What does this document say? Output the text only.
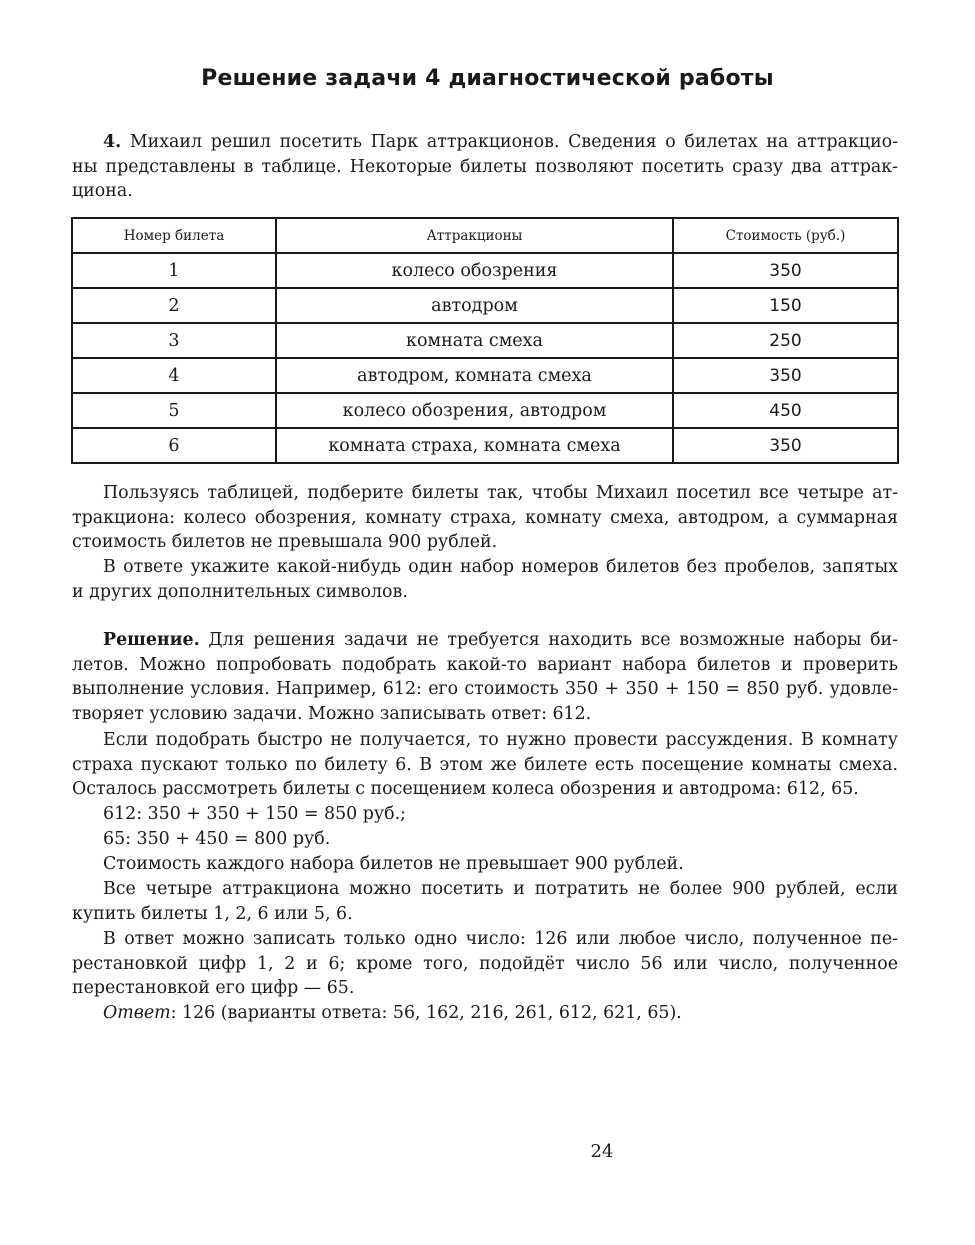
Решение задачи 4 диагностической работы
4. Михаил решил посетить Парк аттракционов. Сведения о билетах на аттракцио-
ны представлены в таблице. Некоторые билеты позволяют посетить сразу два аттрак-
циона.
Номер билета	Аттракционы	Стоимость (руб.)
1	колесо обозрения	350
2	автодром	150
3	комната смеха	250
4	автодром, комната смеха	350
5	колесо обозрения, автодром	450
6	комната страха, комната смеха	350
Пользуясь таблицей, подберите билеты так, чтобы Михаил посетил все четыре ат-
тракциона: колесо обозрения, комнату страха, комнату смеха, автодром, а суммарная
стоимость билетов не превышала 900 рублей.
В ответе укажите какой-нибудь один набор номеров билетов без пробелов, запятых
и других дополнительных символов.
Решение. Для решения задачи не требуется находить все возможные наборы би-
летов. Можно попробовать подобрать какой-то вариант набора билетов и проверить
выполнение условия. Например, 612: его стоимость 350 + 350 + 150 = 850 руб. удовле-
творяет условию задачи. Можно записывать ответ: 612.
Если подобрать быстро не получается, то нужно провести рассуждения. В комнату
страха пускают только по билету 6. В этом же билете есть посещение комнаты смеха.
Осталось рассмотреть билеты с посещением колеса обозрения и автодрома: 612, 65.
612: 350 + 350 + 150 = 850 руб.;
65: 350 + 450 = 800 руб.
Стоимость каждого набора билетов не превышает 900 рублей.
Все четыре аттракциона можно посетить и потратить не более 900 рублей, если
купить билеты 1, 2, 6 или 5, 6.
В ответ можно записать только одно число: 126 или любое число, полученное пе-
рестановкой цифр 1, 2 и 6; кроме того, подойдёт число 56 или число, полученное
перестановкой его цифр — 65.
Ответ: 126 (варианты ответа: 56, 162, 216, 261, 612, 621, 65).
24
